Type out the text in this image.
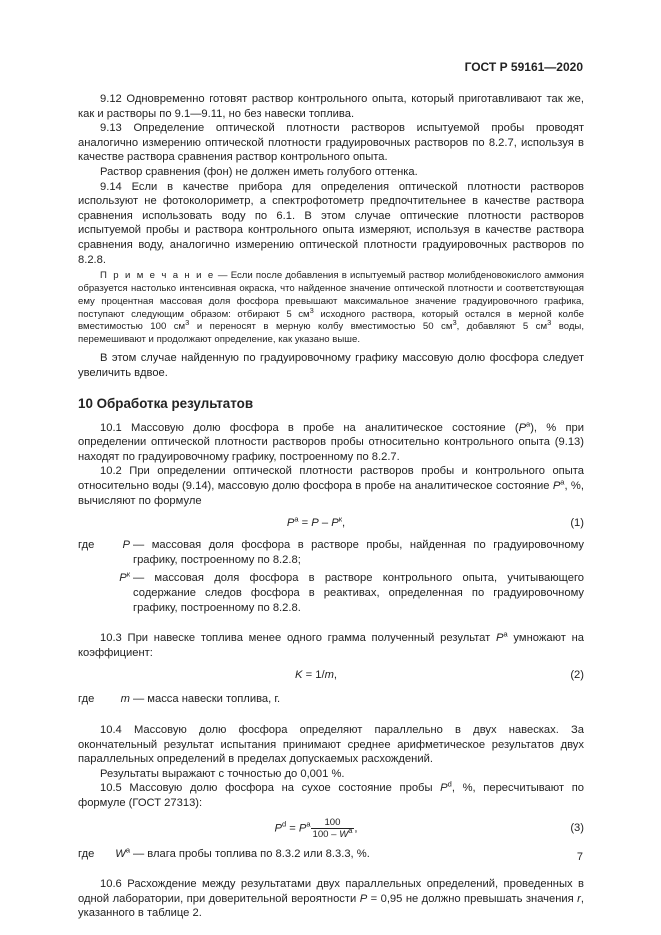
ГОСТ Р 59161—2020

9.12 Одновременно готовят раствор контрольного опыта, который приготавливают так же, как и растворы по 9.1—9.11, но без навески топлива.

9.13 Определение оптической плотности растворов испытуемой пробы проводят аналогично измерению оптической плотности градуировочных растворов по 8.2.7, используя в качестве раствора сравнения раствор контрольного опыта.

Раствор сравнения (фон) не должен иметь голубого оттенка.

9.14 Если в качестве прибора для определения оптической плотности растворов используют не фотоколориметр, а спектрофотометр предпочтительнее в качестве раствора сравнения использовать воду по 6.1. В этом случае оптические плотности растворов испытуемой пробы и раствора контрольного опыта измеряют, используя в качестве раствора сравнения воду, аналогично измерению оптической плотности градуировочных растворов по 8.2.8.

П р и м е ч а н и е — Если после добавления в испытуемый раствор молибденовокислого аммония образуется настолько интенсивная окраска, что найденное значение оптической плотности и соответствующая ему процентная массовая доля фосфора превышают максимальное значение градуировочного графика, поступают следующим образом: отбирают 5 $см^3$ исходного раствора, который остался в мерной колбе вместимостью 100 $см^3$ и переносят в мерную колбу вместимостью 50 $см^3$, добавляют 5 $см^3$ воды, перемешивают и продолжают определение, как указано выше.

В этом случае найденную по градуировочному графику массовую долю фосфора следует увеличить вдвое.

10 Обработка результатов

10.1 Массовую долю фосфора в пробе на аналитическое состояние $(P^a)$, % при определении оптической плотности растворов пробы относительно контрольного опыта (9.13) находят по градуировочному графику, построенному по 8.2.7.

10.2 При определении оптической плотности растворов пробы и контрольного опыта относительно воды (9.14), массовую долю фосфора в пробе на аналитическое состояние $P^a$, %, вычисляют по формуле

$P^a = P - P^к$,	(1)
где	P — массовая доля фосфора в растворе пробы, найденная по градуировочному графику, построенному по 8.2.8;
$P^к$ — массовая доля фосфора в растворе контрольного опыта, учитывающего содержание следов фосфора в реактивах, определенная по градуировочному графику, построенному по 8.2.8.

10.3 При навеске топлива менее одного грамма полученный результат $P^a$ умножают на коэффициент:

K = 1/m,	(2)
где	m — масса навески топлива, г.

10.4 Массовую долю фосфора определяют параллельно в двух навесках. За окончательный результат испытания принимают среднее арифметическое результатов двух параллельных определений в пределах допускаемых расхождений.

Результаты выражают с точностью до 0,001 %.

10.5 Массовую долю фосфора на сухое состояние пробы $P^d$, %, пересчитывают по формуле (ГОСТ 27313):

$P^d = P^a \frac{100}{100 - W^a}$ ,	(3)
где	$W^a$ — влага пробы топлива по 8.3.2 или 8.3.3, %.

10.6 Расхождение между результатами двух параллельных определений, проведенных в одной лаборатории, при доверительной вероятности P = 0,95 не должно превышать значения r, указанного в таблице 2.

7
